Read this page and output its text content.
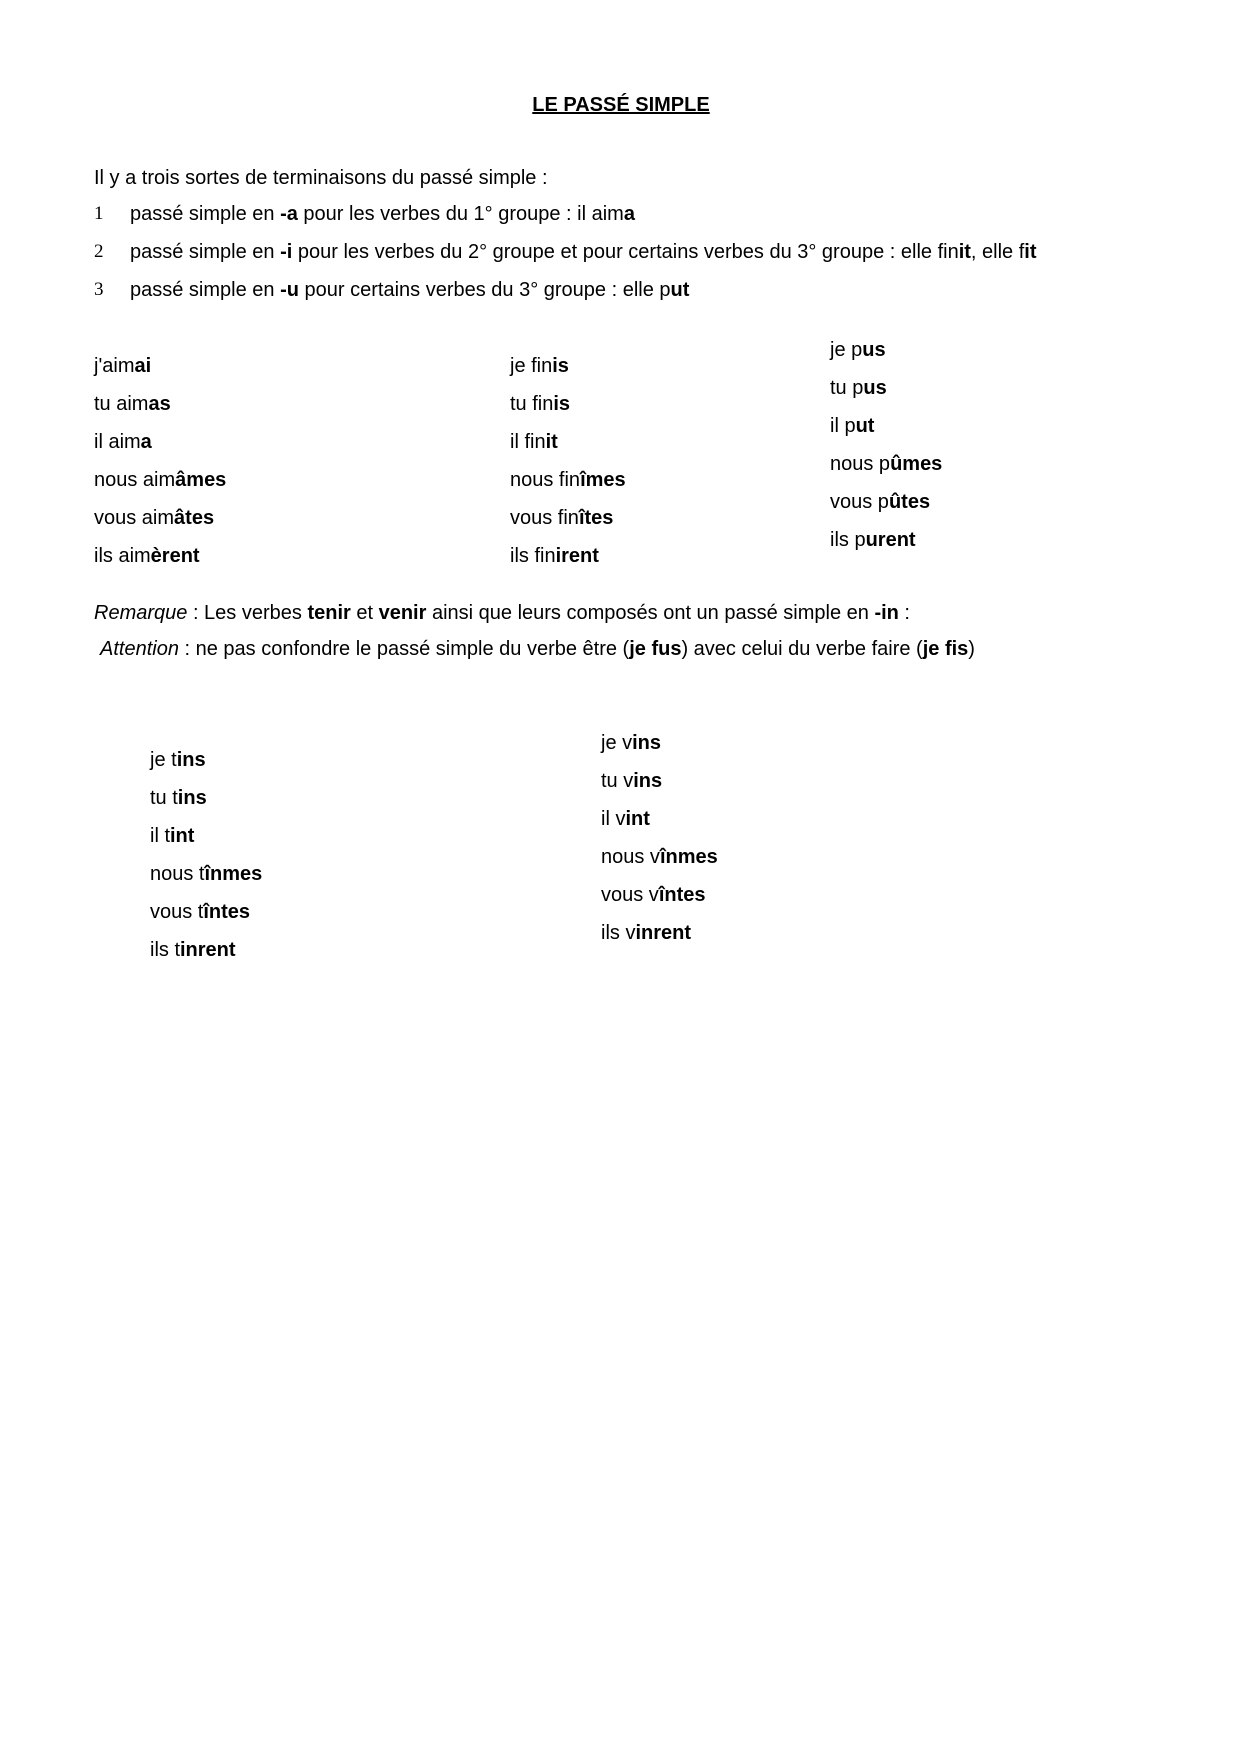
LE PASSÉ SIMPLE
Il y a trois sortes de terminaisons du passé simple :
1 passé simple en -a pour les verbes du 1° groupe : il aima
2 passé simple en -i pour les verbes du 2° groupe et pour certains verbes du 3° groupe : elle finit, elle fit
3 passé simple en -u pour certains verbes du 3° groupe : elle put
j'aimai
tu aimas
il aima
nous aimâmes
vous aimâtes
ils aimèrent
je finis
tu finis
il finit
nous finîmes
vous finîtes
ils finirent
je pus
tu pus
il put
nous pûmes
vous pûtes
ils purent
Remarque : Les verbes tenir et venir ainsi que leurs composés ont un passé simple en -in :
Attention : ne pas confondre le passé simple du verbe être (je fus) avec celui du verbe faire (je fis)
je tins
tu tins
il tint
nous tînmes
vous tîntes
ils tinrent
je vins
tu vins
il vint
nous vînmes
vous vîntes
ils vinrent
